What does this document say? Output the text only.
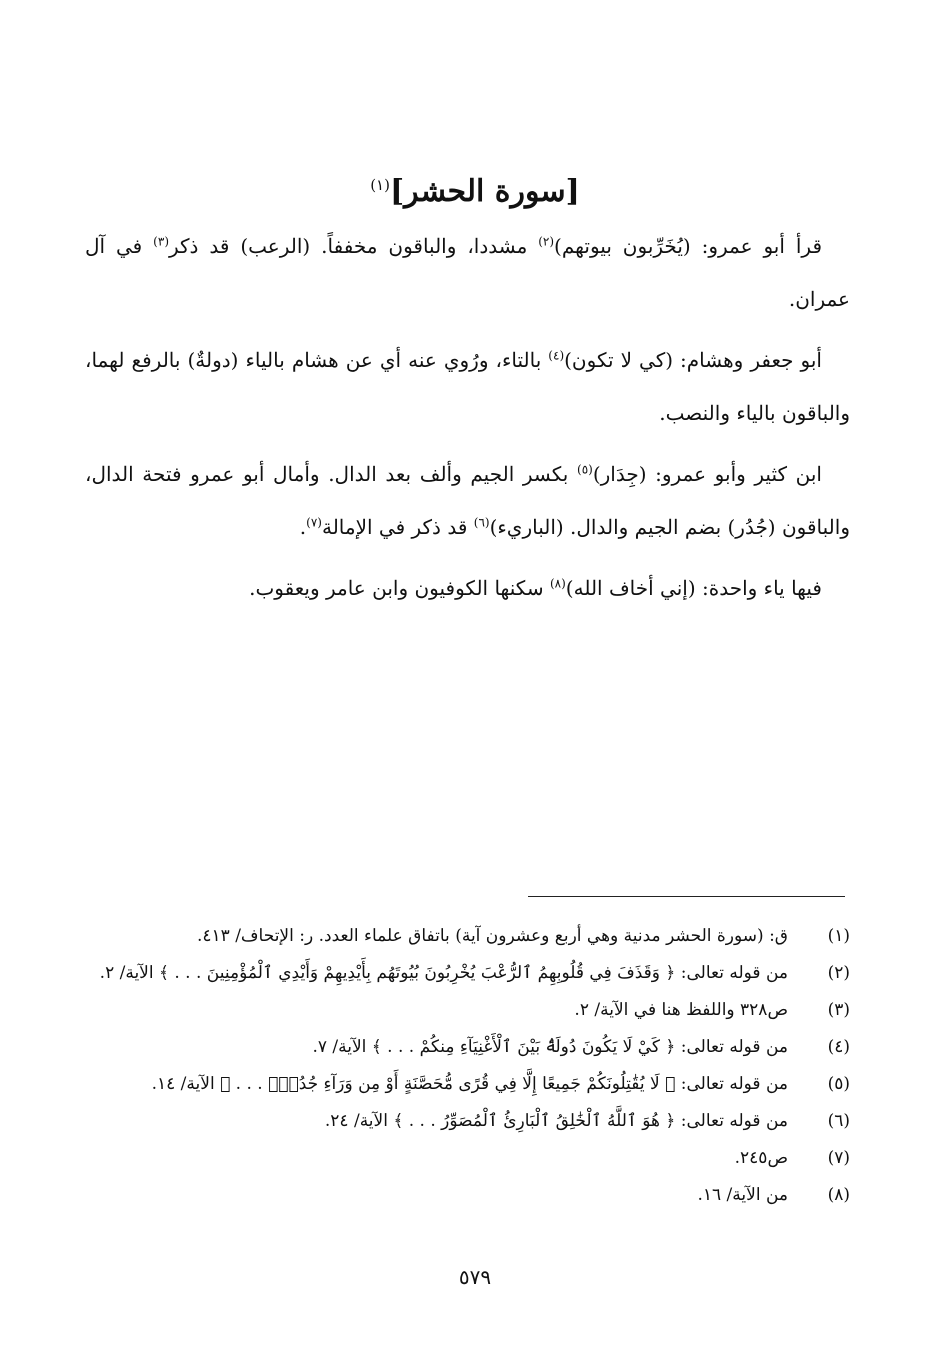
[سورة الحشر]$^{(١)}$

قرأ أبو عمرو: (يُخَرِّبون بيوتهم)$^{(٢)}$ مشددا، والباقون مخففاً. (الرعب) قد ذكر$^{(٣)}$ في آل عمران.

أبو جعفر وهشام: (كي لا تكون)$^{(٤)}$ بالتاء، ورُوي عنه أي عن هشام بالياء (دولةٌ) بالرفع لهما، والباقون بالياء والنصب.

ابن كثير وأبو عمرو: (جِدَار)$^{(٥)}$ بكسر الجيم وألف بعد الدال. وأمال أبو عمرو فتحة الدال، والباقون (جُدُر) بضم الجيم والدال. (الباريء)$^{(٦)}$ قد ذكر في الإمالة$^{(٧)}$.

فيها ياء واحدة: (إني أخاف الله)$^{(٨)}$ سكنها الكوفيون وابن عامر ويعقوب.

(١)
ق: (سورة الحشر مدنية وهي أربع وعشرون آية) باتفاق علماء العدد. ر: الإتحاف/ ٤١٣.
(٢)
من قوله تعالى: ﴿ وَقَذَفَ فِي قُلُوبِهِمُ ٱلرُّعْبَ يُخْرِبُونَ بُيُوتَهُم بِأَيْدِيهِمْ وَأَيْدِي ٱلْمُؤْمِنِينَ . . . ﴾ الآية/ ٢.
(٣)
ص٣٢٨ واللفظ هنا في الآية/ ٢.
(٤)
من قوله تعالى: ﴿ كَيْ لَا يَكُونَ دُولَةًۢ بَيْنَ ٱلْأَغْنِيَآءِ مِنكُمْ . . . ﴾ الآية/ ٧.
(٥)
من قوله تعالى: ﴿ لَا يُقَٰتِلُونَكُمْ جَمِيعًا إِلَّا فِي قُرًى مُّحَصَّنَةٍ أَوْ مِن وَرَآءِ جُدُرٍۭ . . . ﴾ الآية/ ١٤.
(٦)
من قوله تعالى: ﴿ هُوَ ٱللَّهُ ٱلْخَٰلِقُ ٱلْبَارِئُ ٱلْمُصَوِّرُ . . . ﴾ الآية/ ٢٤.
(٧)
ص٢٤٥.
(٨)
من الآية/ ١٦.
٥٧٩
